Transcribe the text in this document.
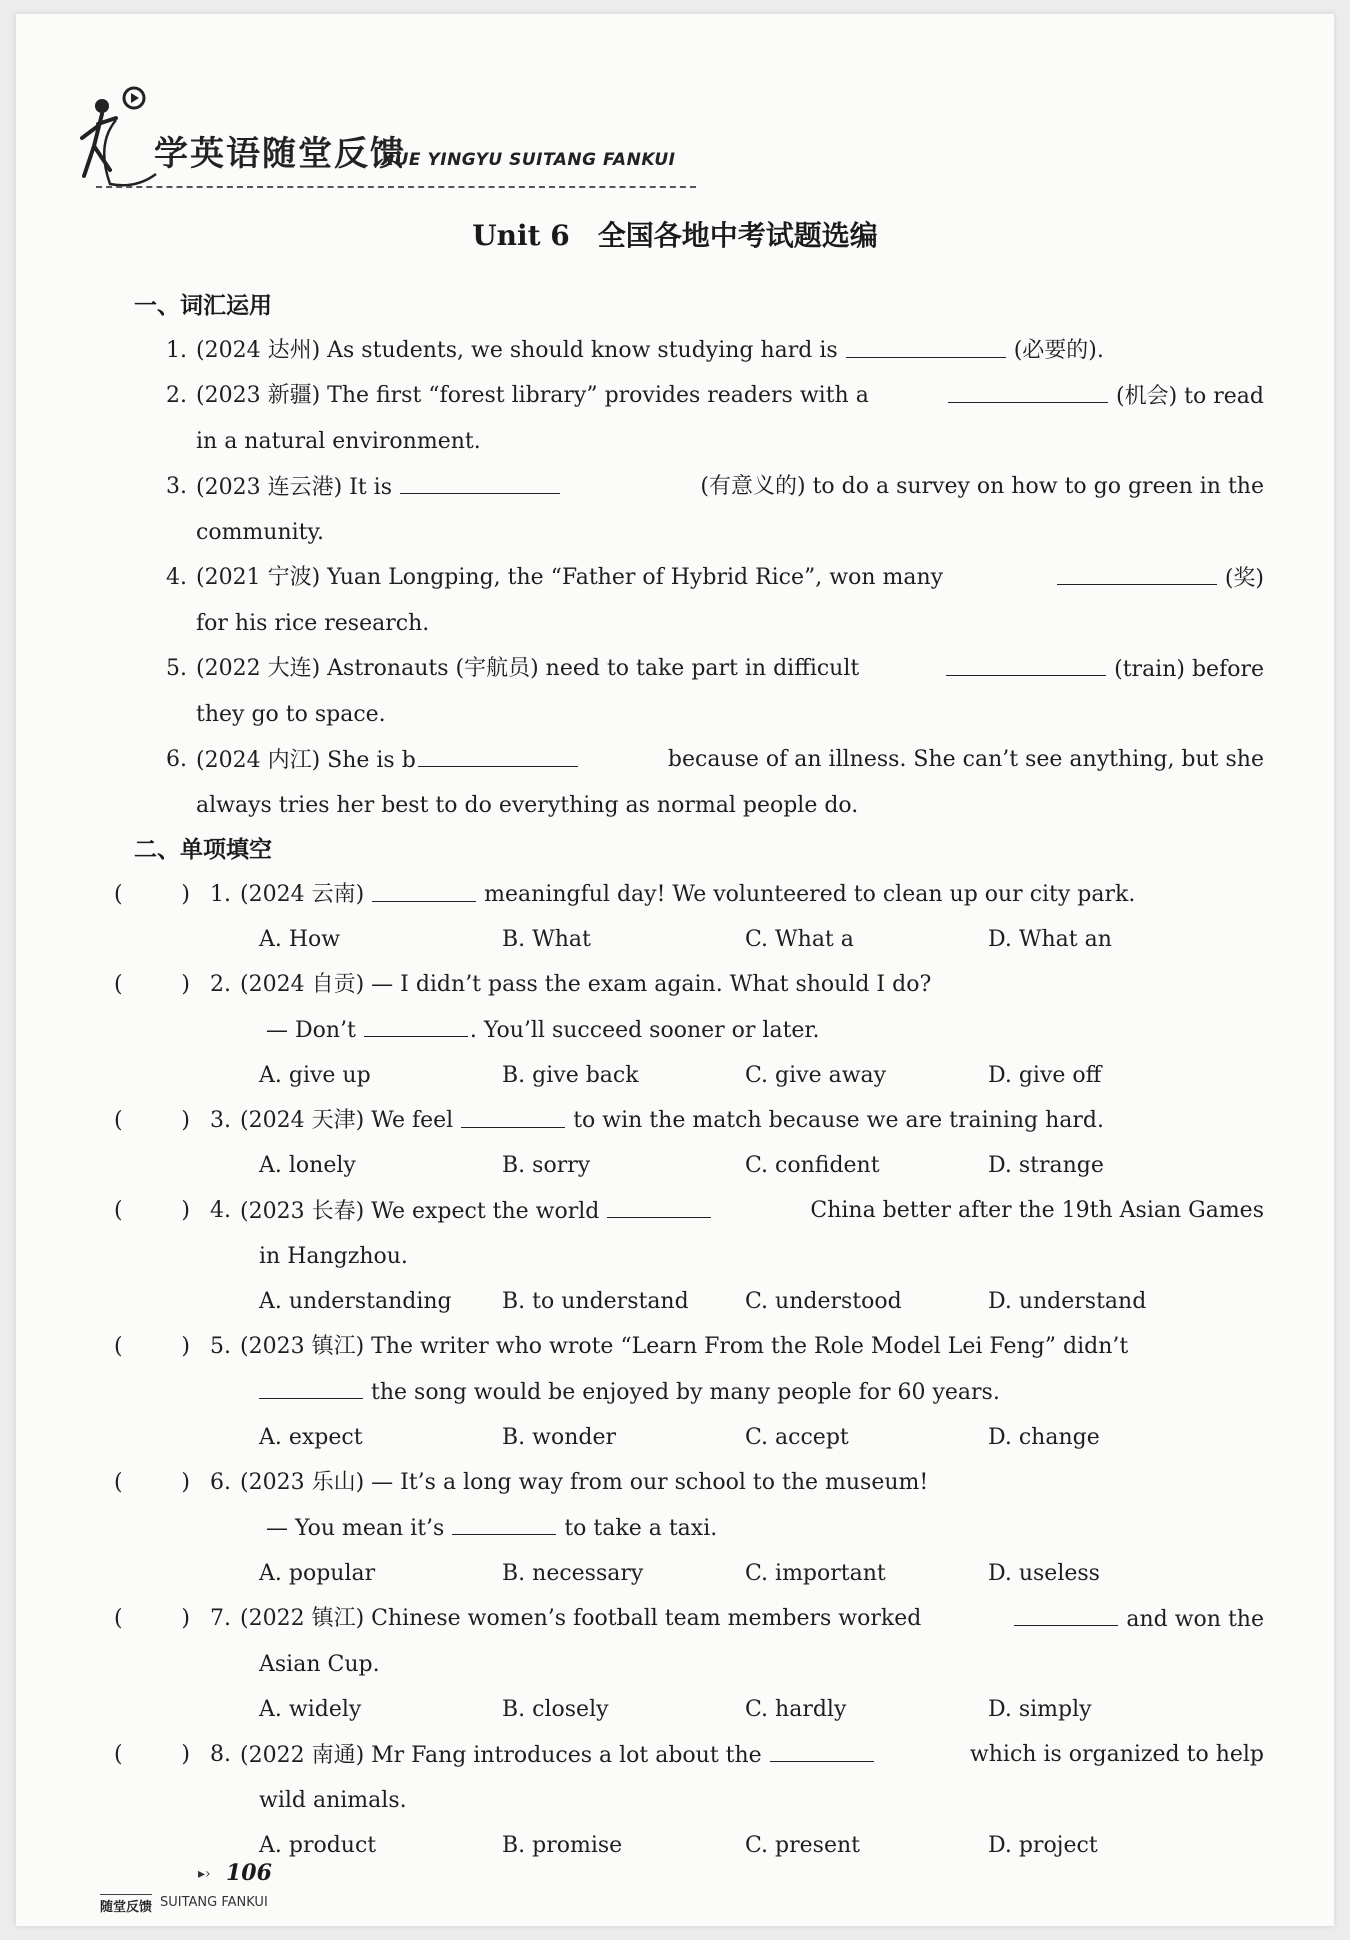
学英语随堂反馈
XUE YINGYU SUITANG FANKUI
Unit 6　全国各地中考试题选编
一、词汇运用
1. (2024 达州) As students, we should know studying hard is	(必要的).
2. (2023 新疆) The first “forest library” provides readers with a	(机会) to read
in a natural environment.
3. (2023 连云港) It is	(有意义的) to do a survey on how to go green in the
community.
4. (2021 宁波) Yuan Longping, the “Father of Hybrid Rice”, won many	(奖)
for his rice research.
5. (2022 大连) Astronauts (宇航员) need to take part in difficult	(train) before
they go to space.
6. (2024 内江) She is b	because of an illness. She can’t see anything, but she
always tries her best to do everything as normal people do.
二、单项填空
(	) 1. (2024 云南)	meaningful day! We volunteered to clean up our city park.
A. How	B. What	C. What a	D. What an
(	) 2. (2024 自贡) — I didn’t pass the exam again. What should I do?
— Don’t	. You’ll succeed sooner or later.
A. give up	B. give back	C. give away	D. give off
(	) 3. (2024 天津) We feel	to win the match because we are training hard.
A. lonely	B. sorry	C. confident	D. strange
(	) 4. (2023 长春) We expect the world	China better after the 19th Asian Games
in Hangzhou.
A. understanding	B. to understand	C. understood	D. understand
(	) 5. (2023 镇江) The writer who wrote “Learn From the Role Model Lei Feng” didn’t
the song would be enjoyed by many people for 60 years.
A. expect	B. wonder	C. accept	D. change
(	) 6. (2023 乐山) — It’s a long way from our school to the museum!
— You mean it’s	to take a taxi.
A. popular	B. necessary	C. important	D. useless
(	) 7. (2022 镇江) Chinese women’s football team members worked	and won the
Asian Cup.
A. widely	B. closely	C. hardly	D. simply
(	) 8. (2022 南通) Mr Fang introduces a lot about the	which is organized to help
wild animals.
A. product	B. promise	C. present	D. project
▸› 106
随堂反馈 SUITANG FANKUI
